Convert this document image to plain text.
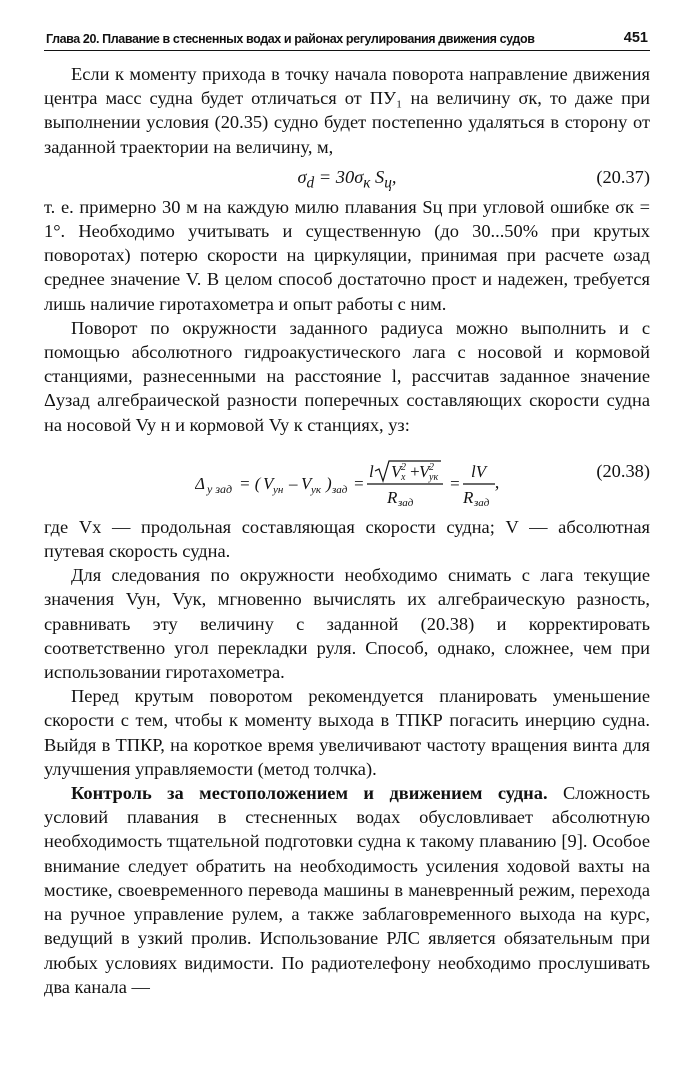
Глава 20. Плавание в стесненных водах и районах регулирования движения судов	451

Если к моменту прихода в точку начала поворота направление движения центра масс судна будет отличаться от ПУ₁ на величину σк, то даже при выполнении условия (20.35) судно будет постепенно удаляться в сторону от заданной траектории на величину, м,

$\sigma_d = 30\sigma_к$ $S_ц$,	(20.37)

т. е. примерно 30 м на каждую милю плавания Sц при угловой ошибке σк = 1°. Необходимо учитывать и существенную (до 30...50% при крутых поворотах) потерю скорости на циркуляции, принимая при расчете ωзад среднее значение V. В целом способ достаточно прост и надежен, требуется лишь наличие гиротахометра и опыт работы с ним.

Поворот по окружности заданного радиуса можно выполнить и с помощью абсолютного гидроакустического лага с носовой и кормовой станциями, разнесенными на расстояние l, рассчитав заданное значение Δyзад алгебраической разности поперечных составляющих скорости судна на носовой Vy н и кормовой Vy к станциях, уз:

Δ y зад = ( V ун – V ук ) зад =
l V x
2 +
V ук
2
R зад
=
lV
R зад
,
(20.38)

где Vx — продольная составляющая скорости судна; V — абсолютная путевая скорость судна.

Для следования по окружности необходимо снимать с лага текущие значения Vyн, Vyк, мгновенно вычислять их алгебраическую разность, сравнивать эту величину с заданной (20.38) и корректировать соответственно угол перекладки руля. Способ, однако, сложнее, чем при использовании гиротахометра.

Перед крутым поворотом рекомендуется планировать уменьшение скорости с тем, чтобы к моменту выхода в ТПКР погасить инерцию судна. Выйдя в ТПКР, на короткое время увеличивают частоту вращения винта для улучшения управляемости (метод толчка).

Контроль за местоположением и движением судна. Сложность условий плавания в стесненных водах обусловливает абсолютную необходимость тщательной подготовки судна к такому плаванию [9]. Особое внимание следует обратить на необходимость усиления ходовой вахты на мостике, своевременного перевода машины в маневренный режим, перехода на ручное управление рулем, а также заблаговременного выхода на курс, ведущий в узкий пролив. Использование РЛС является обязательным при любых условиях видимости. По радиотелефону необходимо прослушивать два канала —
